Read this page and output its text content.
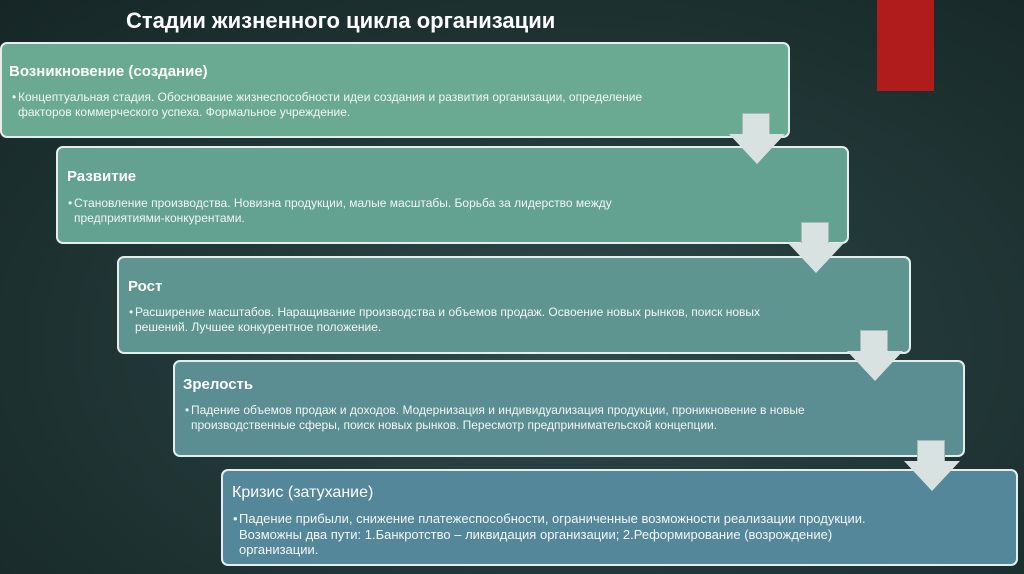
Стадии жизненного цикла организации
Возникновение (создание)
• Концептуальная стадия. Обоснование жизнеспособности идеи создания и развития организации, определение факторов коммерческого успеха. Формальное учреждение.
Развитие
• Становление производства. Новизна продукции, малые масштабы. Борьба за лидерство между предприятиями-конкурентами.
Рост
• Расширение масштабов. Наращивание производства и объемов продаж. Освоение новых рынков, поиск новых решений. Лучшее конкурентное положение.
Зрелость
• Падение объемов продаж и доходов. Модернизация и индивидуализация продукции, проникновение в новые производственные сферы, поиск новых рынков. Пересмотр предпринимательской концепции.
Кризис (затухание)
• Падение прибыли, снижение платежеспособности, ограниченные возможности реализации продукции. Возможны два пути: 1.Банкротство – ликвидация организации; 2.Реформирование (возрождение) организации.
